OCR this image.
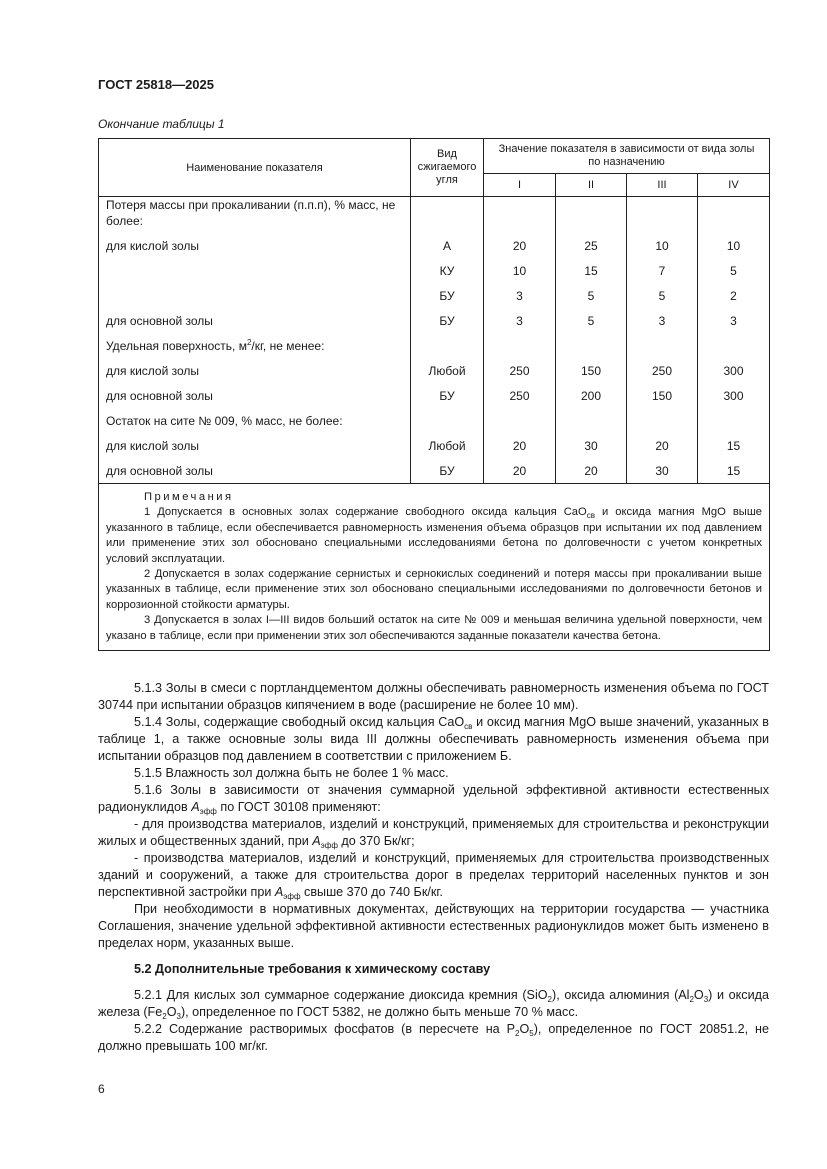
ГОСТ 25818—2025
Окончание таблицы 1
Наименование показателя	Вид сжигаемого угля	Значение показателя в зависимости от вида золы по назначению			
		I	II	III	IV
Потеря массы при прокаливании (п.п.п), % масс, не более:					
для кислой золы	А	20	25	10	10
	КУ	10	15	7	5
	БУ	3	5	5	2
для основной золы	БУ	3	5	3	3
Удельная поверхность, $м^2/кг$, не менее:					
для кислой золы	Любой	250	150	250	300
для основной золы	БУ	250	200	150	300
Остаток на сите № 009, % масс, не более:					
для кислой золы	Любой	20	30	20	15
для основной золы	БУ	20	20	30	15

Примечания

1 Допускается в основных золах содержание свободного оксида кальция CaO$_{св}$ и оксида магния MgO выше указанного в таблице, если обеспечивается равномерность изменения объема образцов при испытании их под давлением или применение этих зол обосновано специальными исследованиями бетона по долговечности с учетом конкретных условий эксплуатации.

2 Допускается в золах содержание сернистых и сернокислых соединений и потеря массы при прокаливании выше указанных в таблице, если применение этих зол обосновано специальными исследованиями по долговечности бетонов и коррозионной стойкости арматуры.

3 Допускается в золах I—III видов больший остаток на сите № 009 и меньшая величина удельной поверхности, чем указано в таблице, если при применении этих зол обеспечиваются заданные показатели качества бетона.					

5.1.3 Золы в смеси с портландцементом должны обеспечивать равномерность изменения объема по ГОСТ 30744 при испытании образцов кипячением в воде (расширение не более 10 мм).

5.1.4 Золы, содержащие свободный оксид кальция CaO$_{св}$ и оксид магния MgO выше значений, указанных в таблице 1, а также основные золы вида III должны обеспечивать равномерность изменения объема при испытании образцов под давлением в соответствии с приложением Б.

5.1.5 Влажность зол должна быть не более 1 % масс.

5.1.6 Золы в зависимости от значения суммарной удельной эффективной активности естественных радионуклидов $A_{эфф}$ по ГОСТ 30108 применяют:

- для производства материалов, изделий и конструкций, применяемых для строительства и реконструкции жилых и общественных зданий, при $A_{эфф}$ до 370 Бк/кг;

- производства материалов, изделий и конструкций, применяемых для строительства производственных зданий и сооружений, а также для строительства дорог в пределах территорий населенных пунктов и зон перспективной застройки при $A_{эфф}$ свыше 370 до 740 Бк/кг.

При необходимости в нормативных документах, действующих на территории государства — участника Соглашения, значение удельной эффективной активности естественных радионуклидов может быть изменено в пределах норм, указанных выше.

5.2 Дополнительные требования к химическому составу

5.2.1 Для кислых зол суммарное содержание диоксида кремния (SiO$_2$), оксида алюминия $(Al_2O_3)$ и оксида железа $(Fe_2O_3)$, определенное по ГОСТ 5382, не должно быть меньше 70 % масс.

5.2.2 Содержание растворимых фосфатов (в пересчете на $P_2O_5$), определенное по ГОСТ 20851.2, не должно превышать 100 мг/кг.

6
